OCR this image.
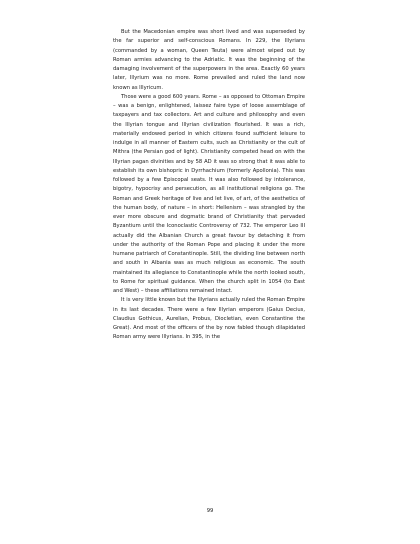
But the Macedonian empire was short lived and was superseded by the far superior and self-conscious Romans. In 229, the Illyrians (commanded by a woman, Queen Teuta) were almost wiped out by Roman armies advancing to the Adriatic. It was the beginning of the damaging involvement of the superpowers in the area. Exactly 60 years later, Illyrium was no more. Rome prevailed and ruled the land now known as Illyricum.

Those were a good 600 years. Rome – as opposed to Ottoman Empire – was a benign, enlightened, laissez faire type of loose assemblage of taxpayers and tax collectors. Art and culture and philosophy and even the Illyrian tongue and Illyrian civilization flourished. It was a rich, materially endowed period in which citizens found sufficient leisure to indulge in all manner of Eastern cults, such as Christianity or the cult of Mithra (the Persian god of light). Christianity competed head on with the Illyrian pagan divinities and by 58 AD it was so strong that it was able to establish its own bishopric in Dyrrhachium (formerly Apollonia). This was followed by a few Episcopal seats. It was also followed by intolerance, bigotry, hypocrisy and persecution, as all institutional religions go. The Roman and Greek heritage of live and let live, of art, of the aesthetics of the human body, of nature – in short: Hellenism – was strangled by the ever more obscure and dogmatic brand of Christianity that pervaded Byzantium until the Iconoclastic Controversy of 732. The emperor Leo III actually did the Albanian Church a great favour by detaching it from under the authority of the Roman Pope and placing it under the more humane patriarch of Constantinople. Still, the dividing line between north and south in Albania was as much religious as economic. The south maintained its allegiance to Constantinople while the north looked south, to Rome for spiritual guidance. When the church split in 1054 (to East and West) – these affiliations remained intact.

It is very little known but the Illyrians actually ruled the Roman Empire in its last decades. There were a few Illyrian emperors (Gaius Decius, Claudius Gothicus, Aurelian, Probus, Diocletian, even Constantine the Great). And most of the officers of the by now fabled though dilapidated Roman army were Illyrians. In 395, in the

99
